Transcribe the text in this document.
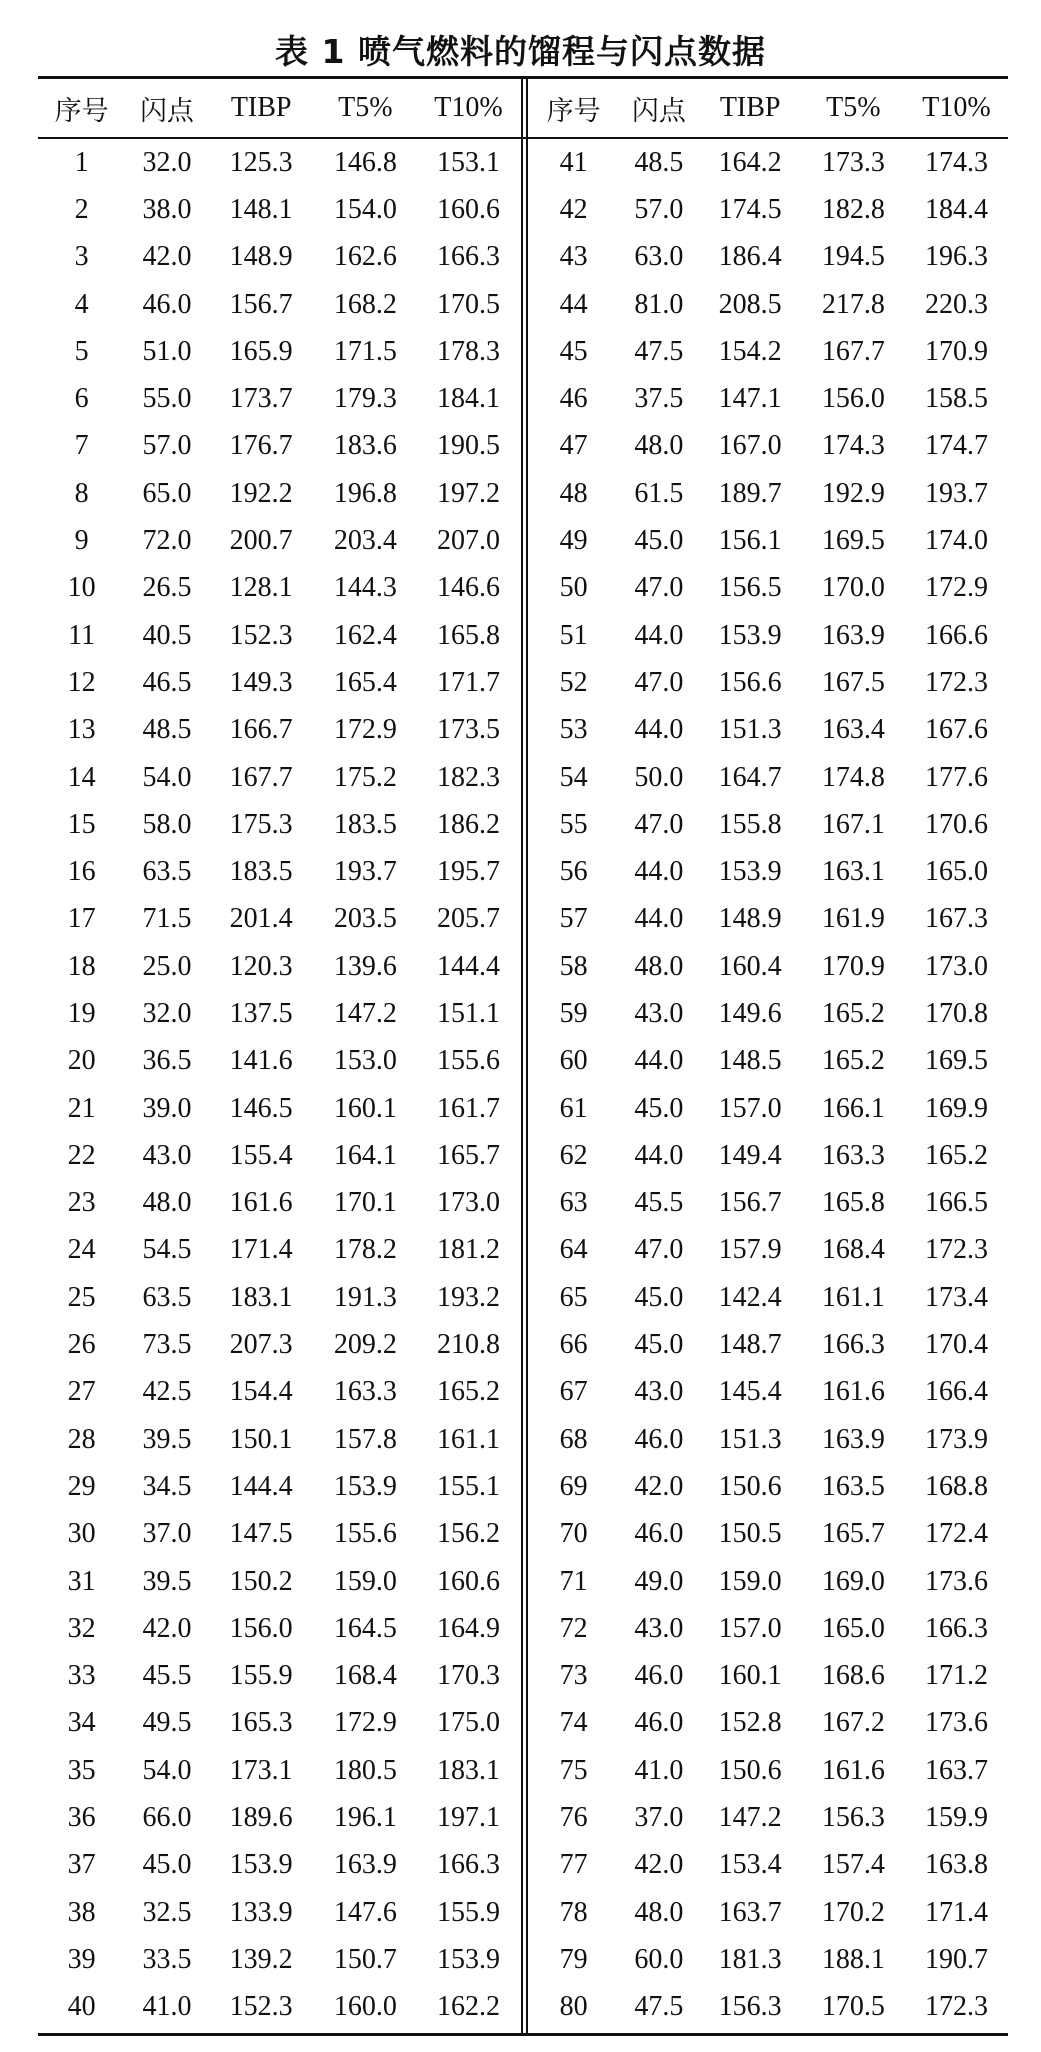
表 1 喷气燃料的馏程与闪点数据
序号	闪点	TIBP	T5%	T10%	序号	闪点	TIBP	T5%	T10%
1	32.0	125.3	146.8	153.1	41	48.5	164.2	173.3	174.3
2	38.0	148.1	154.0	160.6	42	57.0	174.5	182.8	184.4
3	42.0	148.9	162.6	166.3	43	63.0	186.4	194.5	196.3
4	46.0	156.7	168.2	170.5	44	81.0	208.5	217.8	220.3
5	51.0	165.9	171.5	178.3	45	47.5	154.2	167.7	170.9
6	55.0	173.7	179.3	184.1	46	37.5	147.1	156.0	158.5
7	57.0	176.7	183.6	190.5	47	48.0	167.0	174.3	174.7
8	65.0	192.2	196.8	197.2	48	61.5	189.7	192.9	193.7
9	72.0	200.7	203.4	207.0	49	45.0	156.1	169.5	174.0
10	26.5	128.1	144.3	146.6	50	47.0	156.5	170.0	172.9
11	40.5	152.3	162.4	165.8	51	44.0	153.9	163.9	166.6
12	46.5	149.3	165.4	171.7	52	47.0	156.6	167.5	172.3
13	48.5	166.7	172.9	173.5	53	44.0	151.3	163.4	167.6
14	54.0	167.7	175.2	182.3	54	50.0	164.7	174.8	177.6
15	58.0	175.3	183.5	186.2	55	47.0	155.8	167.1	170.6
16	63.5	183.5	193.7	195.7	56	44.0	153.9	163.1	165.0
17	71.5	201.4	203.5	205.7	57	44.0	148.9	161.9	167.3
18	25.0	120.3	139.6	144.4	58	48.0	160.4	170.9	173.0
19	32.0	137.5	147.2	151.1	59	43.0	149.6	165.2	170.8
20	36.5	141.6	153.0	155.6	60	44.0	148.5	165.2	169.5
21	39.0	146.5	160.1	161.7	61	45.0	157.0	166.1	169.9
22	43.0	155.4	164.1	165.7	62	44.0	149.4	163.3	165.2
23	48.0	161.6	170.1	173.0	63	45.5	156.7	165.8	166.5
24	54.5	171.4	178.2	181.2	64	47.0	157.9	168.4	172.3
25	63.5	183.1	191.3	193.2	65	45.0	142.4	161.1	173.4
26	73.5	207.3	209.2	210.8	66	45.0	148.7	166.3	170.4
27	42.5	154.4	163.3	165.2	67	43.0	145.4	161.6	166.4
28	39.5	150.1	157.8	161.1	68	46.0	151.3	163.9	173.9
29	34.5	144.4	153.9	155.1	69	42.0	150.6	163.5	168.8
30	37.0	147.5	155.6	156.2	70	46.0	150.5	165.7	172.4
31	39.5	150.2	159.0	160.6	71	49.0	159.0	169.0	173.6
32	42.0	156.0	164.5	164.9	72	43.0	157.0	165.0	166.3
33	45.5	155.9	168.4	170.3	73	46.0	160.1	168.6	171.2
34	49.5	165.3	172.9	175.0	74	46.0	152.8	167.2	173.6
35	54.0	173.1	180.5	183.1	75	41.0	150.6	161.6	163.7
36	66.0	189.6	196.1	197.1	76	37.0	147.2	156.3	159.9
37	45.0	153.9	163.9	166.3	77	42.0	153.4	157.4	163.8
38	32.5	133.9	147.6	155.9	78	48.0	163.7	170.2	171.4
39	33.5	139.2	150.7	153.9	79	60.0	181.3	188.1	190.7
40	41.0	152.3	160.0	162.2	80	47.5	156.3	170.5	172.3
